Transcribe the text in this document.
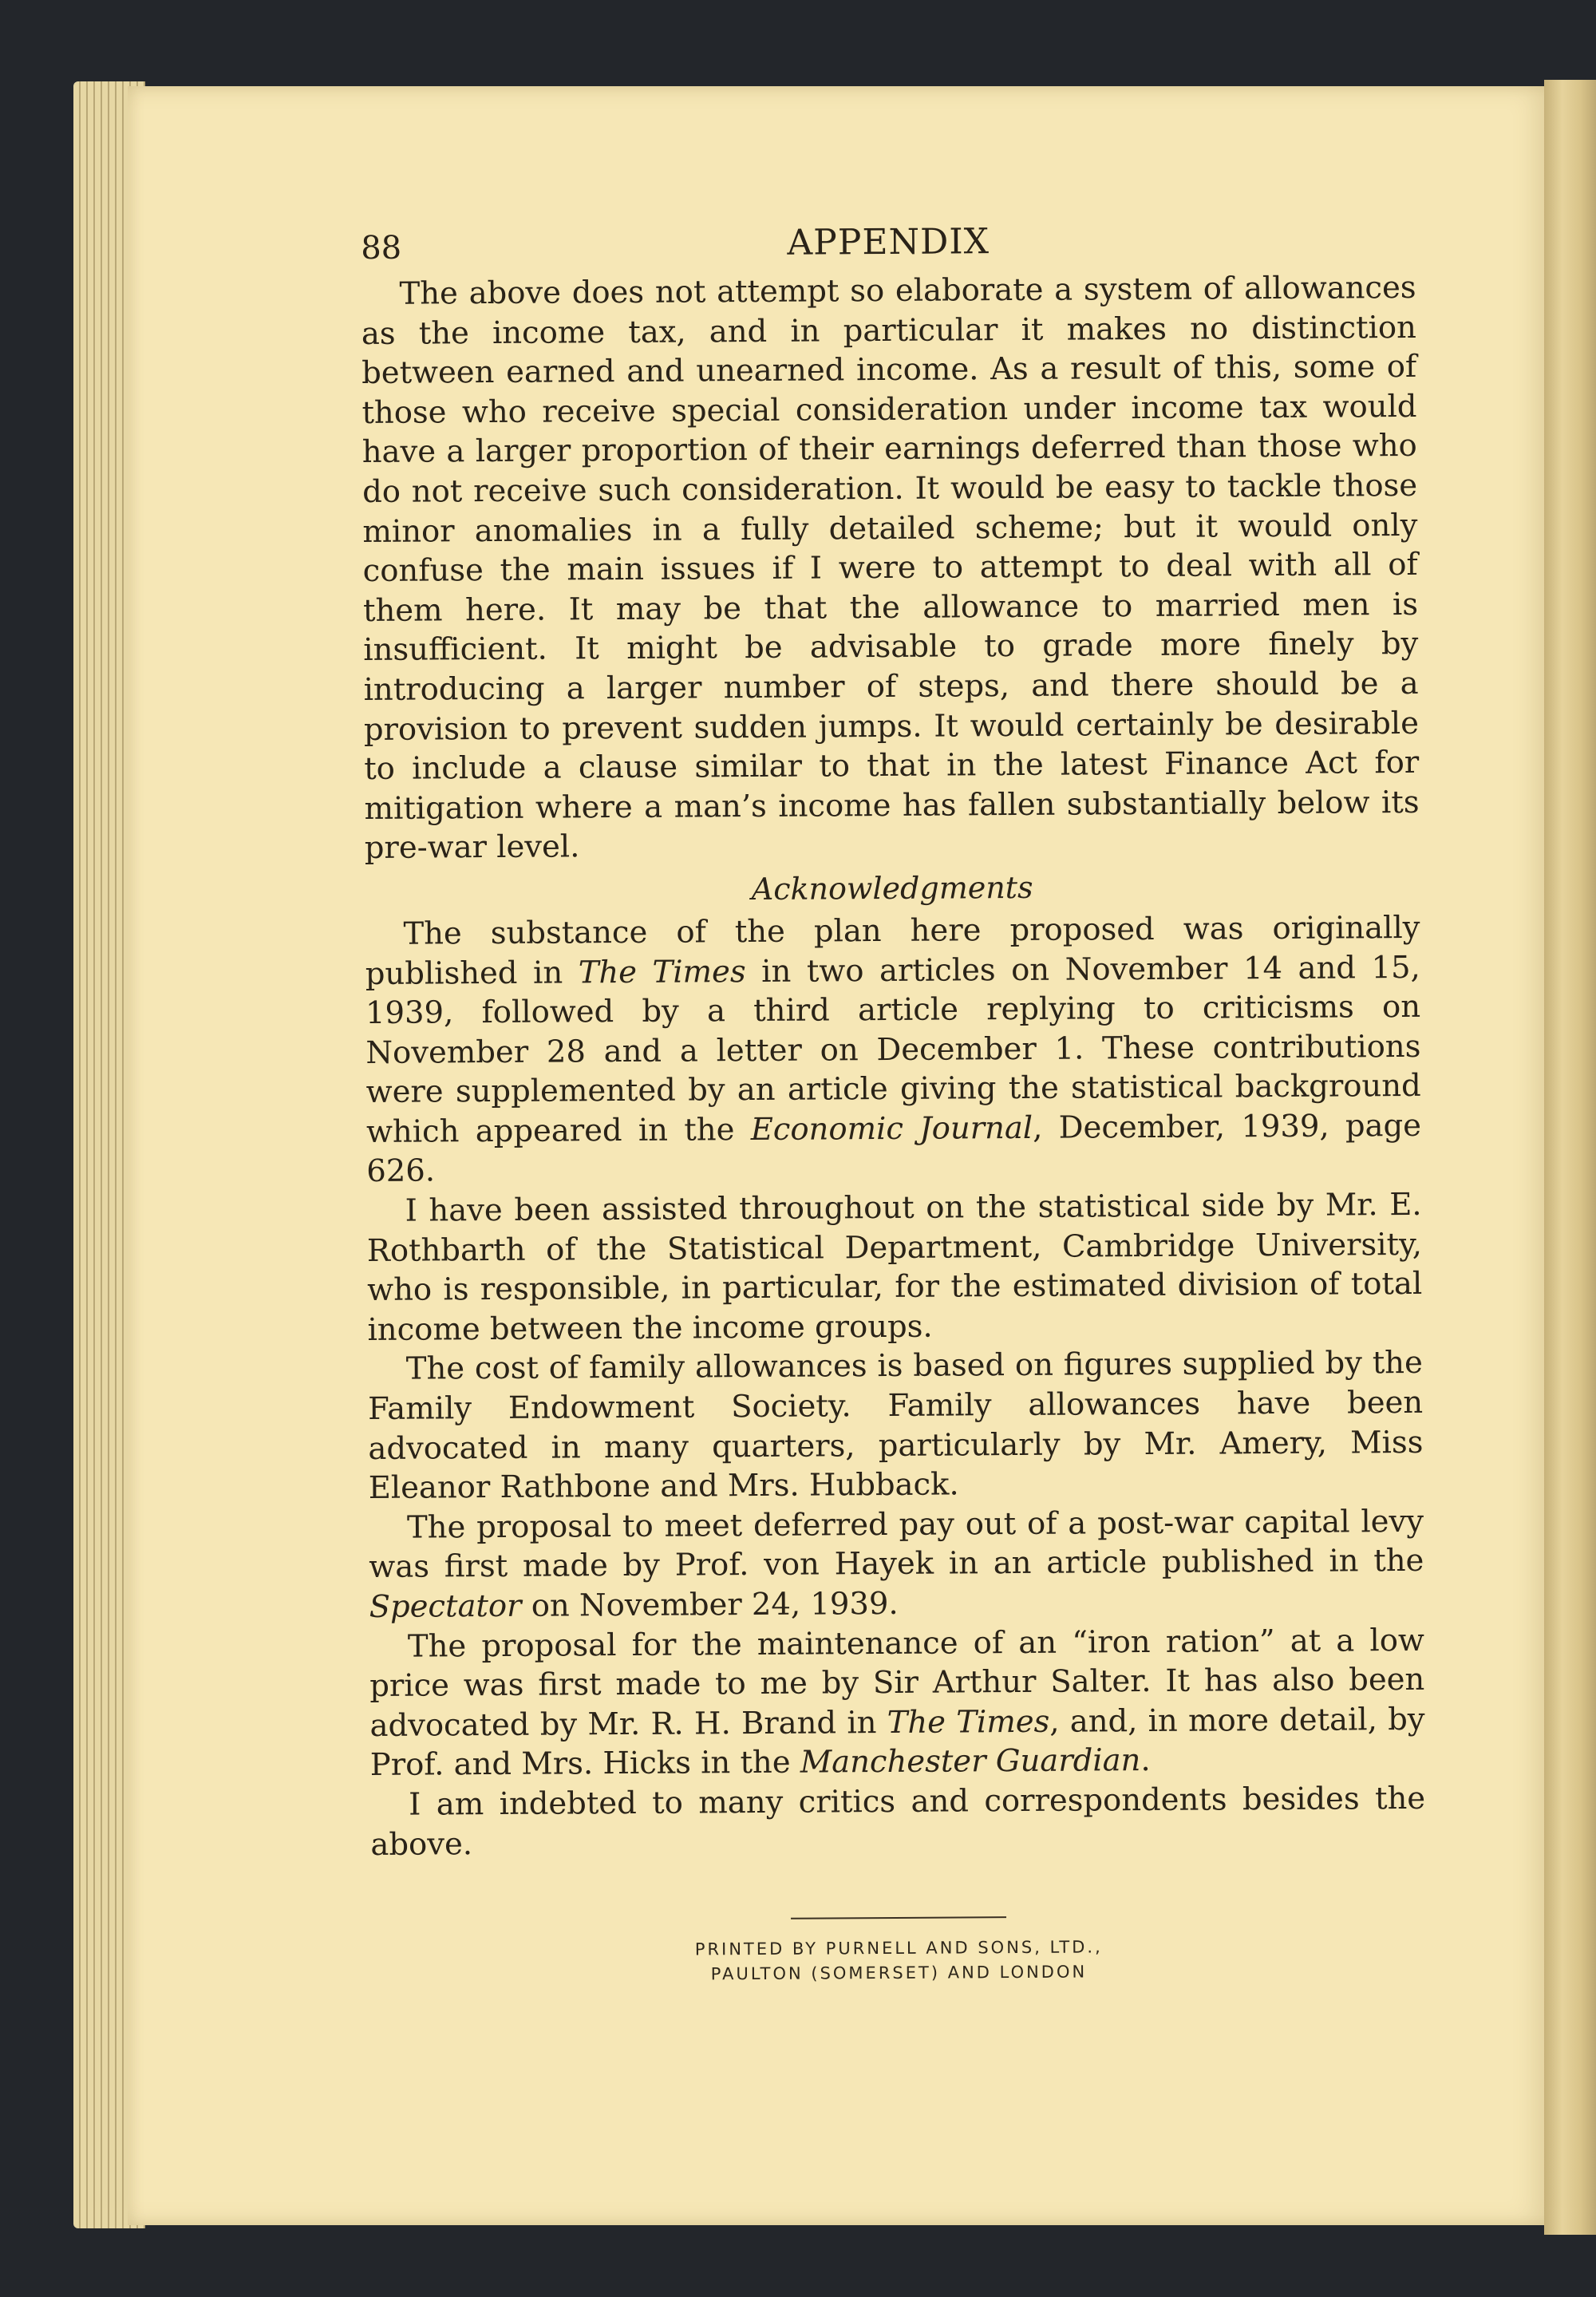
88	APPENDIX

The above does not attempt so elaborate a system of allowances as the income tax, and in particular it makes no distinction between earned and unearned income. As a result of this, some of those who receive special consideration under income tax would have a larger proportion of their earnings deferred than those who do not receive such consideration. It would be easy to tackle those minor anomalies in a fully detailed scheme; but it would only confuse the main issues if I were to attempt to deal with all of them here. It may be that the allowance to married men is insufficient. It might be advisable to grade more finely by introducing a larger number of steps, and there should be a provision to prevent sudden jumps. It would certainly be desirable to include a clause similar to that in the latest Finance Act for mitigation where a man’s income has fallen substantially below its pre-war level.

Acknowledgments

The substance of the plan here proposed was originally published in The Times in two articles on November 14 and 15, 1939, followed by a third article replying to criticisms on November 28 and a letter on December 1. These contributions were supplemented by an article giving the statistical background which appeared in the Economic Journal, December, 1939, page 626.

I have been assisted throughout on the statistical side by Mr. E. Rothbarth of the Statistical Department, Cambridge University, who is responsible, in particular, for the estimated division of total income between the income groups.

The cost of family allowances is based on figures supplied by the Family Endowment Society. Family allowances have been advocated in many quarters, particularly by Mr. Amery, Miss Eleanor Rathbone and Mrs. Hubback.

The proposal to meet deferred pay out of a post-war capital levy was first made by Prof. von Hayek in an article published in the Spectator on November 24, 1939.

The proposal for the maintenance of an “iron ration” at a low price was first made to me by Sir Arthur Salter. It has also been advocated by Mr. R. H. Brand in The Times, and, in more detail, by Prof. and Mrs. Hicks in the Manchester Guardian.

I am indebted to many critics and correspondents besides the above.

PRINTED BY PURNELL AND SONS, LTD.,
PAULTON (SOMERSET) AND LONDON
